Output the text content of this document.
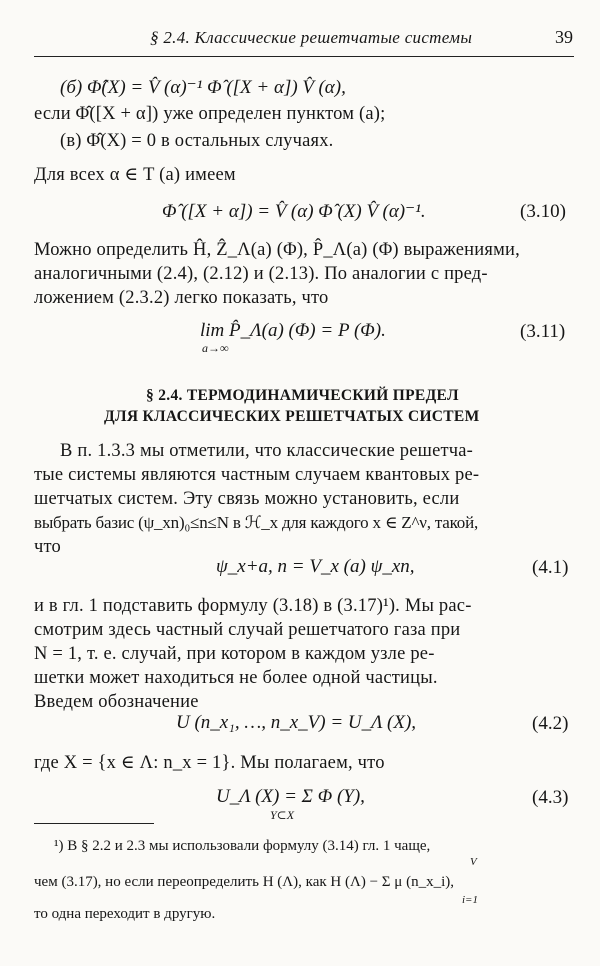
§ 2.4. Классические решетчатые системы	39
(б) Φ̂(X) = V̂ (α)⁻¹ Φ̂ ([X + α]) V̂ (α),
если Φ̂([X + α]) уже определен пунктом (а);
(в) Φ̂(X) = 0 в остальных случаях.
Для всех α ∈ T (a) имеем
Φ̂ ([X + α]) = V̂ (α) Φ̂ (X) V̂ (α)⁻¹.	(3.10)
Можно определить Ĥ, Ẑ_Λ(a) (Φ), P̂_Λ(a) (Φ) выражениями,
аналогичными (2.4), (2.12) и (2.13). По аналогии с пред-
ложением (2.3.2) легко показать, что
lim P̂_Λ(a) (Φ) = P (Φ).
a→∞
(3.11)
§ 2.4. ТЕРМОДИНАМИЧЕСКИЙ ПРЕДЕЛ
ДЛЯ КЛАССИЧЕСКИХ РЕШЕТЧАТЫХ СИСТЕМ
В п. 1.3.3 мы отметили, что классические решетча-
тые системы являются частным случаем квантовых ре-
шетчатых систем. Эту связь можно установить, если
выбрать базис (ψ_xn)₀≤n≤N в ℋ_x для каждого x ∈ Z^ν, такой,
что
ψ_x+a, n = V_x (a) ψ_xn,	(4.1)
и в гл. 1 подставить формулу (3.18) в (3.17)¹). Мы рас-
смотрим здесь частный случай решетчатого газа при
N = 1, т. е. случай, при котором в каждом узле ре-
шетки может находиться не более одной частицы.
Введем обозначение
U (n_x₁, …, n_x_V) = U_Λ (X),	(4.2)
где X = {x ∈ Λ: n_x = 1}. Мы полагаем, что
U_Λ (X) = Σ Φ (Y),
Y⊂X
(4.3)
¹) В § 2.2 и 2.3 мы использовали формулу (3.14) гл. 1 чаще,
V
чем (3.17), но если переопределить H (Λ), как H (Λ) − Σ μ (n_x_i),
i=1
то одна переходит в другую.
